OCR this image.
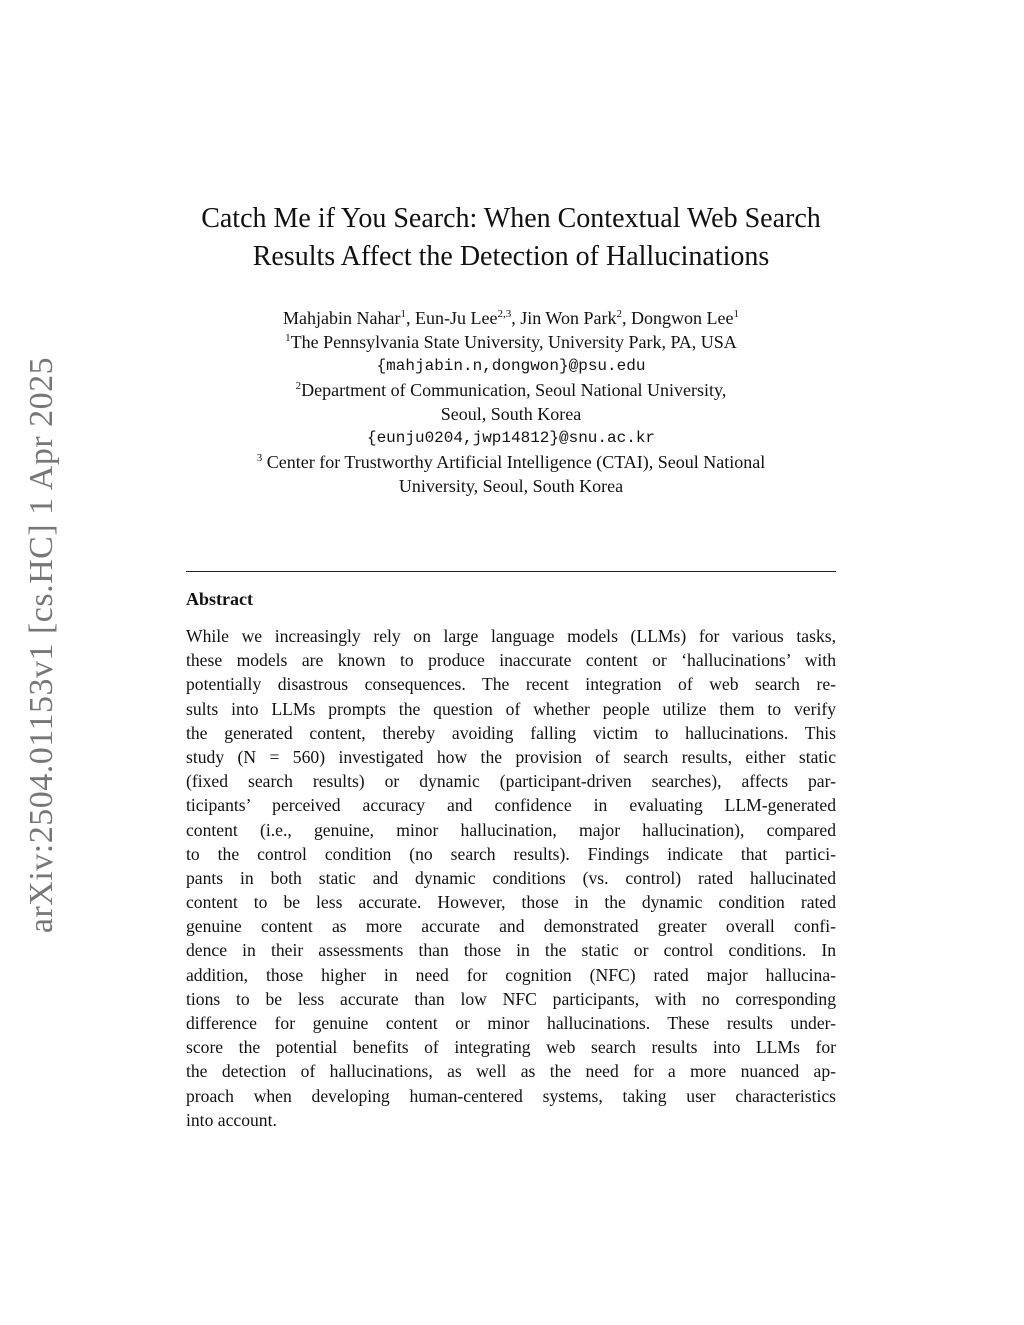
arXiv:2504.01153v1 [cs.HC] 1 Apr 2025
Catch Me if You Search: When Contextual Web Search
Results Affect the Detection of Hallucinations
Mahjabin Nahar$^1$, Eun-Ju Lee$^{2,3}$, Jin Won Park$^2$, Dongwon Lee$^1$
$^1$The Pennsylvania State University, University Park, PA, USA
{mahjabin.n,dongwon}@psu.edu
$^2$Department of Communication, Seoul National University,
Seoul, South Korea
{eunju0204,jwp14812}@snu.ac.kr
$^3$ Center for Trustworthy Artificial Intelligence (CTAI), Seoul National
University, Seoul, South Korea
Abstract
While we increasingly rely on large language models (LLMs) for various tasks,
these models are known to produce inaccurate content or ‘hallucinations’ with
potentially disastrous consequences. The recent integration of web search re-
sults into LLMs prompts the question of whether people utilize them to verify
the generated content, thereby avoiding falling victim to hallucinations. This
study (N = 560) investigated how the provision of search results, either static
(fixed search results) or dynamic (participant-driven searches), affects par-
ticipants’ perceived accuracy and confidence in evaluating LLM-generated
content (i.e., genuine, minor hallucination, major hallucination), compared
to the control condition (no search results). Findings indicate that partici-
pants in both static and dynamic conditions (vs. control) rated hallucinated
content to be less accurate. However, those in the dynamic condition rated
genuine content as more accurate and demonstrated greater overall confi-
dence in their assessments than those in the static or control conditions. In
addition, those higher in need for cognition (NFC) rated major hallucina-
tions to be less accurate than low NFC participants, with no corresponding
difference for genuine content or minor hallucinations. These results under-
score the potential benefits of integrating web search results into LLMs for
the detection of hallucinations, as well as the need for a more nuanced ap-
proach when developing human-centered systems, taking user characteristics
into account.
